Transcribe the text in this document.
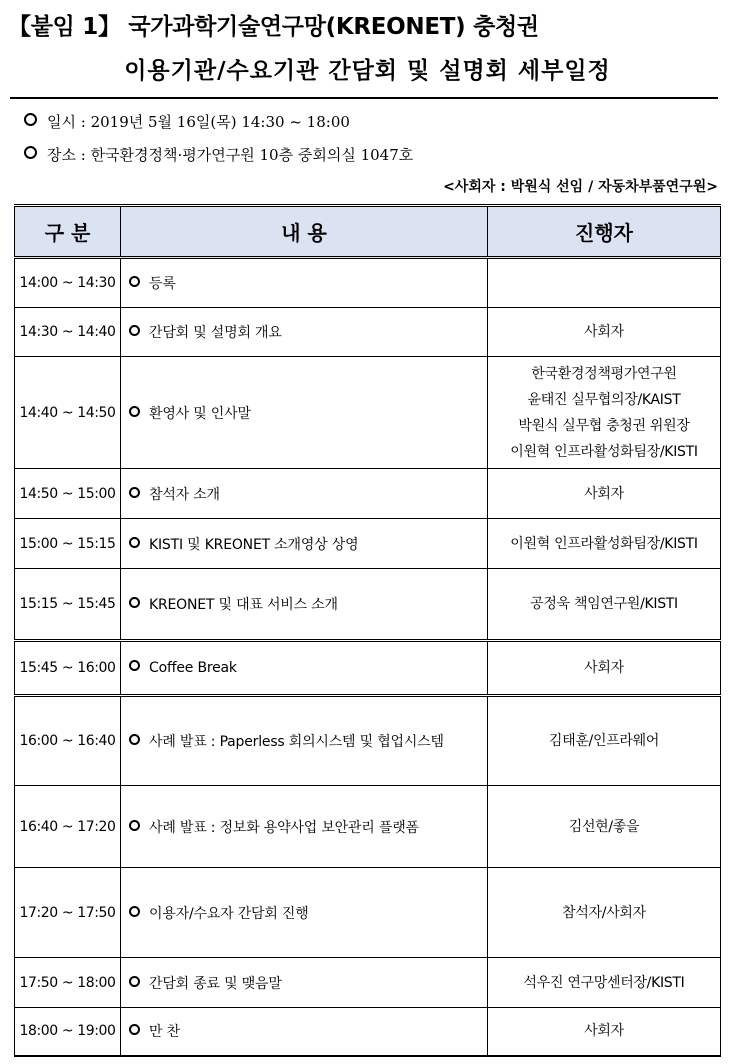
【붙임 1】 국가과학기술연구망(KREONET) 충청권
이용기관/수요기관 간담회 및 설명회 세부일정
일시 : 2019년 5월 16일(목) 14:30 ~ 18:00
장소 : 한국환경정책·평가연구원 10층 중회의실 1047호
<사회자 : 박원식 선임 / 자동차부품연구원>
구 분	내 용	진행자
14:00 ~ 14:30	등록	
14:30 ~ 14:40	간담회 및 설명회 개요	사회자
14:40 ~ 14:50	환영사 및 인사말	한국환경정책평가연구원
윤태진 실무협의장/KAIST
박원식 실무협 충청권 위원장
이원혁 인프라활성화팀장/KISTI
14:50 ~ 15:00	참석자 소개	사회자
15:00 ~ 15:15	KISTI 및 KREONET 소개영상 상영	이원혁 인프라활성화팀장/KISTI
15:15 ~ 15:45	KREONET 및 대표 서비스 소개	공정욱 책임연구원/KISTI
15:45 ~ 16:00	Coffee Break	사회자
16:00 ~ 16:40	사례 발표 : Paperless 회의시스템 및 협업시스템	김태훈/인프라웨어
16:40 ~ 17:20	사례 발표 : 정보화 용약사업 보안관리 플랫폼	김선현/좋을
17:20 ~ 17:50	이용자/수요자 간담회 진행	참석자/사회자
17:50 ~ 18:00	간담회 종료 및 맺음말	석우진 연구망센터장/KISTI
18:00 ~ 19:00	만 찬	사회자
